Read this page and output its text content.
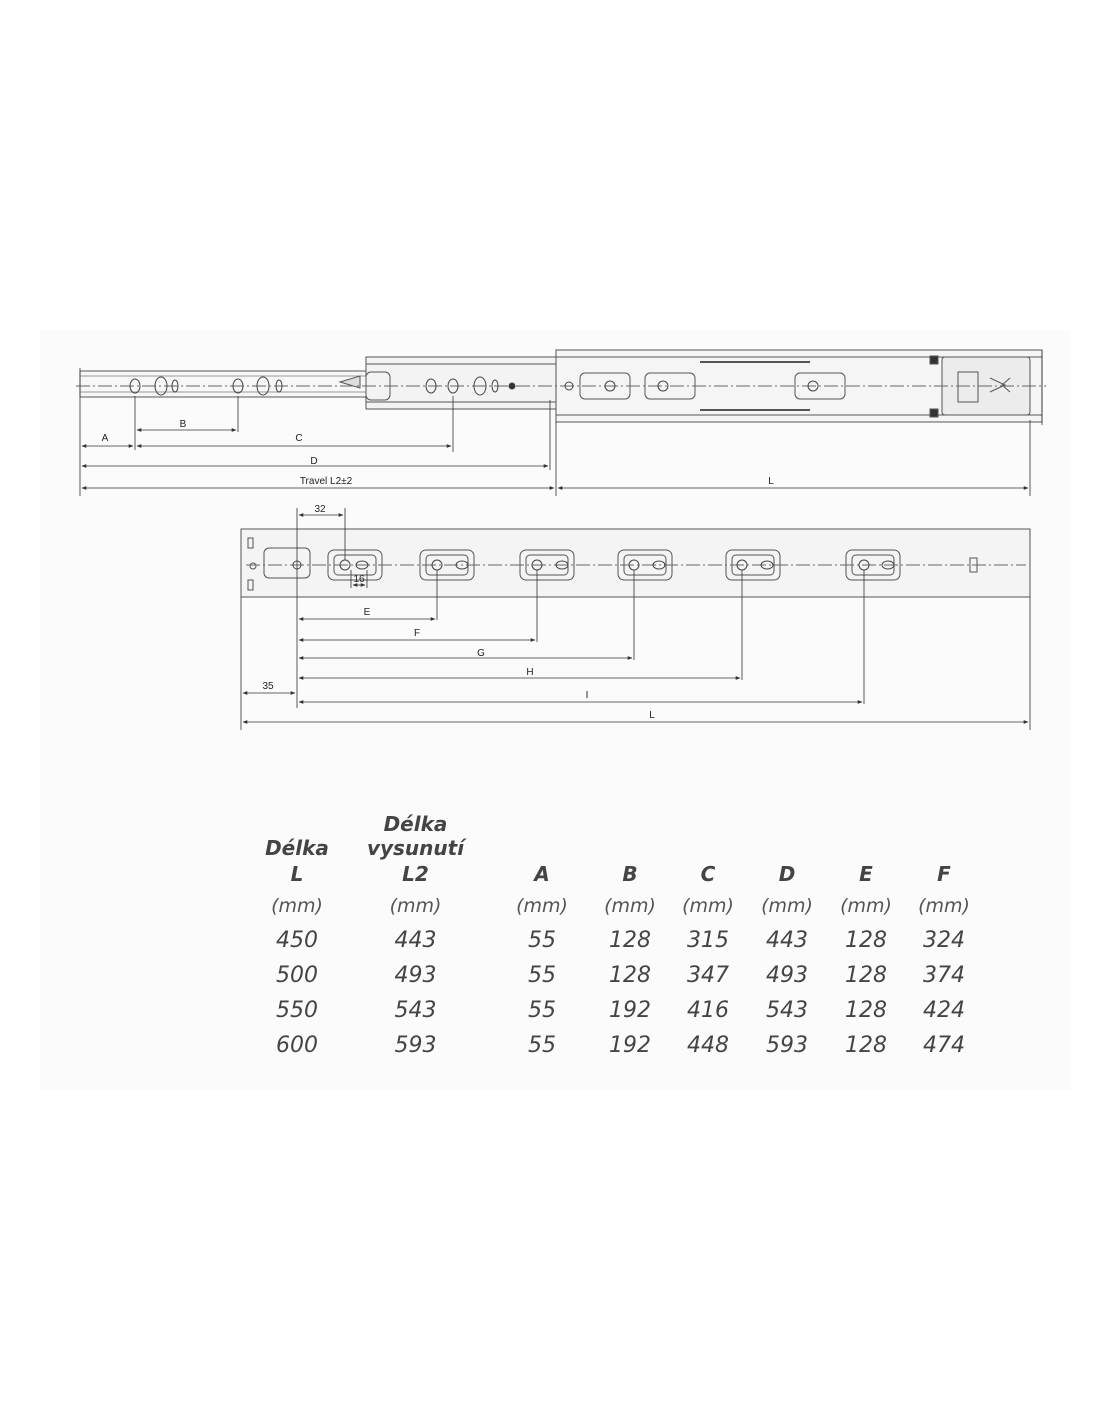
A
B
C
D
Travel L2±2	L
32
16
E
F
G
H
35
I
L
Délka	Délka vysunutí						
L	L2	A	B	C	D	E	F
(mm)	(mm)	(mm)	(mm)	(mm)	(mm)	(mm)	(mm)
450	443	55	128	315	443	128	324
500	493	55	128	347	493	128	374
550	543	55	192	416	543	128	424
600	593	55	192	448	593	128	474
